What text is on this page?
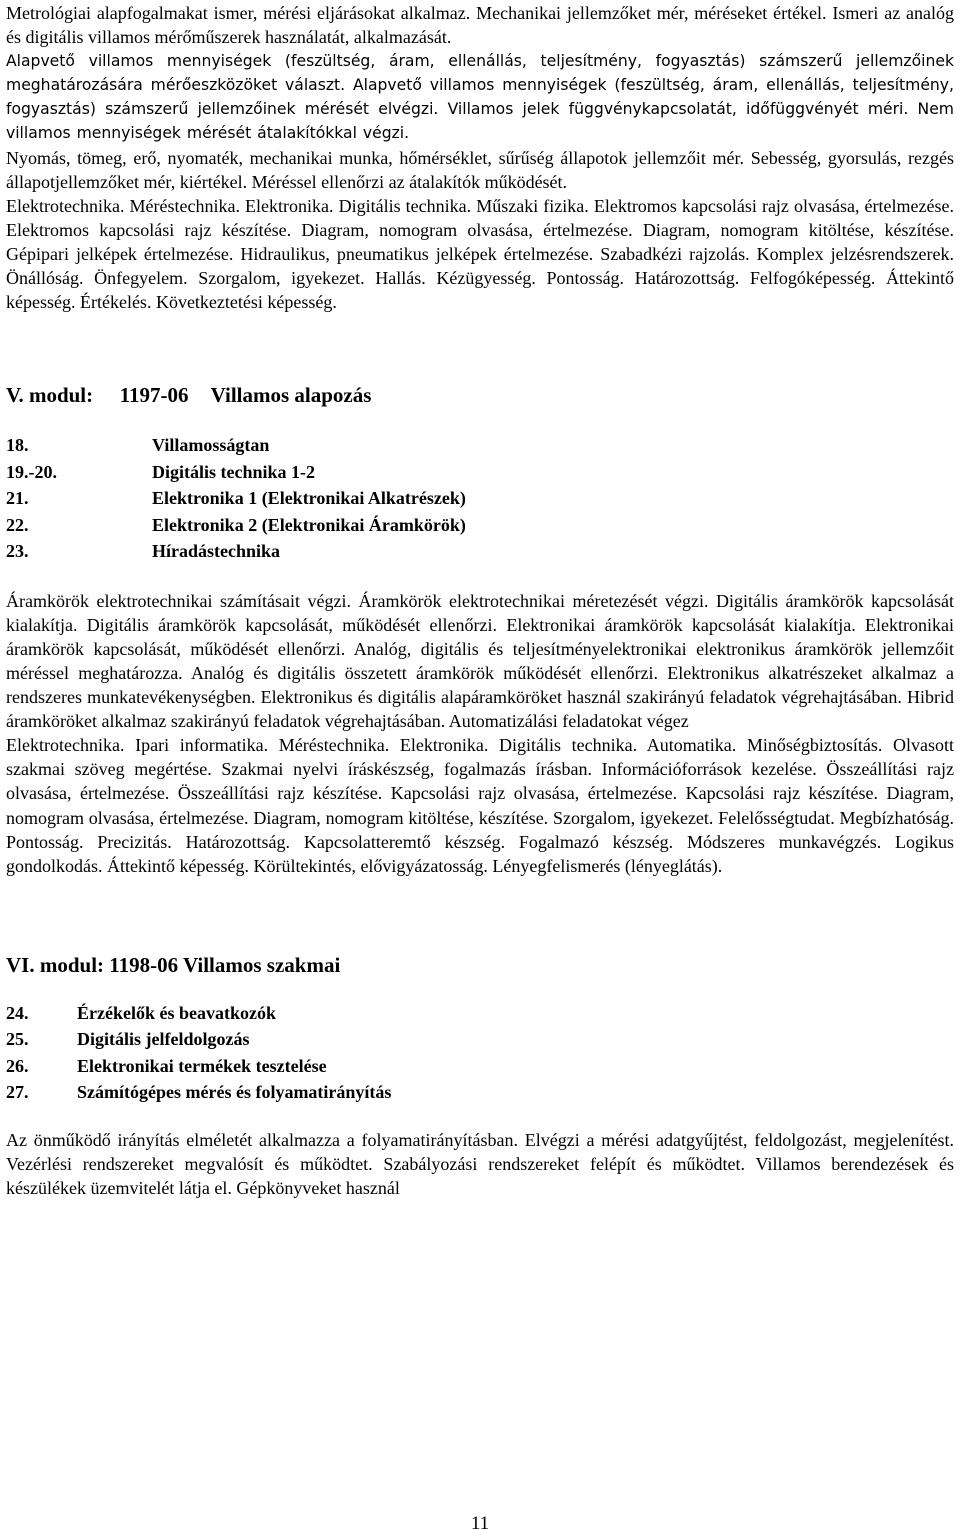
Metrológiai alapfogalmakat ismer, mérési eljárásokat alkalmaz. Mechanikai jellemzőket mér, méréseket értékel. Ismeri az analóg és digitális villamos mérőműszerek használatát, alkalmazását.

Alapvető villamos mennyiségek (feszültség, áram, ellenállás, teljesítmény, fogyasztás) számszerű jellemzőinek meghatározására mérőeszközöket választ. Alapvető villamos mennyiségek (feszültség, áram, ellenállás, teljesítmény, fogyasztás) számszerű jellemzőinek mérését elvégzi. Villamos jelek függvénykapcsolatát, időfüggvényét méri. Nem villamos mennyiségek mérését átalakítókkal végzi.

Nyomás, tömeg, erő, nyomaték, mechanikai munka, hőmérséklet, sűrűség állapotok jellemzőit mér. Sebesség, gyorsulás, rezgés állapotjellemzőket mér, kiértékel. Méréssel ellenőrzi az átalakítók működését.

Elektrotechnika. Méréstechnika. Elektronika. Digitális technika. Műszaki fizika. Elektromos kapcsolási rajz olvasása, értelmezése. Elektromos kapcsolási rajz készítése. Diagram, nomogram olvasása, értelmezése. Diagram, nomogram kitöltése, készítése. Gépipari jelképek értelmezése. Hidraulikus, pneumatikus jelképek értelmezése. Szabadkézi rajzolás. Komplex jelzésrendszerek. Önállóság. Önfegyelem. Szorgalom, igyekezet. Hallás. Kézügyesség. Pontosság. Határozottság. Felfogóképesség. Áttekintő képesség. Értékelés. Következtetési képesség.

V. modul: 1197-06 Villamos alapozás
18.	Villamosságtan
19.-20.	Digitális technika 1-2
21.	Elektronika 1 (Elektronikai Alkatrészek)
22.	Elektronika 2 (Elektronikai Áramkörök)
23.	Híradástechnika

Áramkörök elektrotechnikai számításait végzi. Áramkörök elektrotechnikai méretezését végzi. Digitális áramkörök kapcsolását kialakítja. Digitális áramkörök kapcsolását, működését ellenőrzi. Elektronikai áramkörök kapcsolását kialakítja. Elektronikai áramkörök kapcsolását, működését ellenőrzi. Analóg, digitális és teljesítményelektronikai elektronikus áramkörök jellemzőit méréssel meghatározza. Analóg és digitális összetett áramkörök működését ellenőrzi. Elektronikus alkatrészeket alkalmaz a rendszeres munkatevékenységben. Elektronikus és digitális alapáramköröket használ szakirányú feladatok végrehajtásában. Hibrid áramköröket alkalmaz szakirányú feladatok végrehajtásában. Automatizálási feladatokat végez

Elektrotechnika. Ipari informatika. Méréstechnika. Elektronika. Digitális technika. Automatika. Minőségbiztosítás. Olvasott szakmai szöveg megértése. Szakmai nyelvi íráskészség, fogalmazás írásban. Információforrások kezelése. Összeállítási rajz olvasása, értelmezése. Összeállítási rajz készítése. Kapcsolási rajz olvasása, értelmezése. Kapcsolási rajz készítése. Diagram, nomogram olvasása, értelmezése. Diagram, nomogram kitöltése, készítése. Szorgalom, igyekezet. Felelősségtudat. Megbízhatóság. Pontosság. Precizitás. Határozottság. Kapcsolatteremtő készség. Fogalmazó készség. Módszeres munkavégzés. Logikus gondolkodás. Áttekintő képesség. Körültekintés, elővigyázatosság. Lényegfelismerés (lényeglátás).

VI. modul: 1198-06 Villamos szakmai
24.	Érzékelők és beavatkozók
25.	Digitális jelfeldolgozás
26.	Elektronikai termékek tesztelése
27.	Számítógépes mérés és folyamatirányítás

Az önműködő irányítás elméletét alkalmazza a folyamatirányításban. Elvégzi a mérési adatgyűjtést, feldolgozást, megjelenítést. Vezérlési rendszereket megvalósít és működtet. Szabályozási rendszereket felépít és működtet. Villamos berendezések és készülékek üzemvitelét látja el. Gépkönyveket használ

11
